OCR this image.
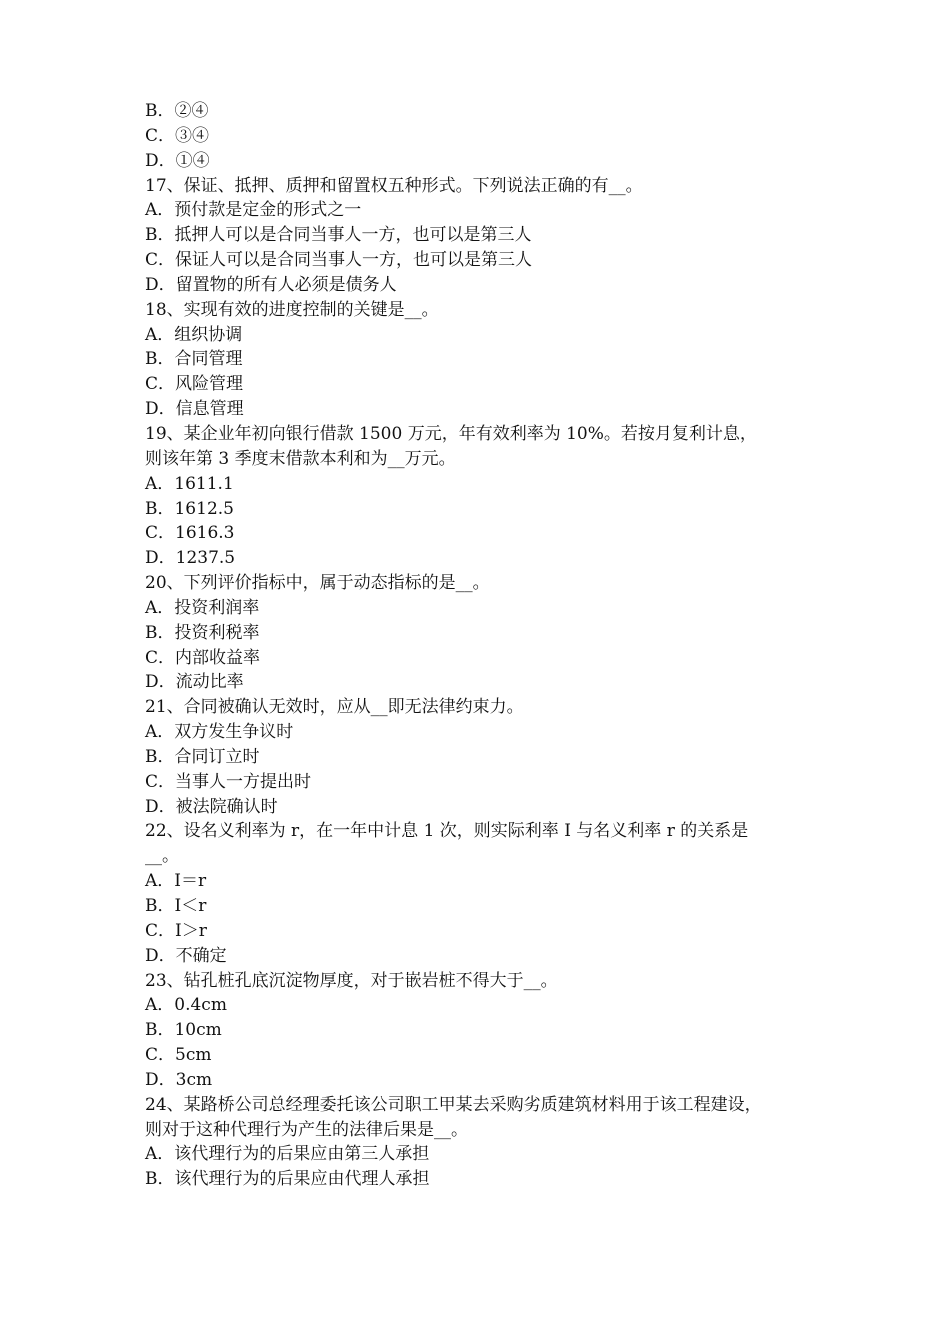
B．②④
C．③④
D．①④
17、保证、抵押、质押和留置权五种形式。下列说法正确的有__。
A．预付款是定金的形式之一
B．抵押人可以是合同当事人一方，也可以是第三人
C．保证人可以是合同当事人一方，也可以是第三人
D．留置物的所有人必须是债务人
18、实现有效的进度控制的关键是__。
A．组织协调
B．合同管理
C．风险管理
D．信息管理
19、某企业年初向银行借款 1500 万元，年有效利率为 10%。若按月复利计息，
则该年第 3 季度末借款本利和为__万元。
A．1611.1
B．1612.5
C．1616.3
D．1237.5
20、下列评价指标中，属于动态指标的是__。
A．投资利润率
B．投资利税率
C．内部收益率
D．流动比率
21、合同被确认无效时，应从__即无法律约束力。
A．双方发生争议时
B．合同订立时
C．当事人一方提出时
D．被法院确认时
22、设名义利率为 r，在一年中计息 1 次，则实际利率 I 与名义利率 r 的关系是
__。
A．I＝r
B．I＜r
C．I＞r
D．不确定
23、钻孔桩孔底沉淀物厚度，对于嵌岩桩不得大于__。
A．0.4cm
B．10cm
C．5cm
D．3cm
24、某路桥公司总经理委托该公司职工甲某去采购劣质建筑材料用于该工程建设，
则对于这种代理行为产生的法律后果是__。
A．该代理行为的后果应由第三人承担
B．该代理行为的后果应由代理人承担
